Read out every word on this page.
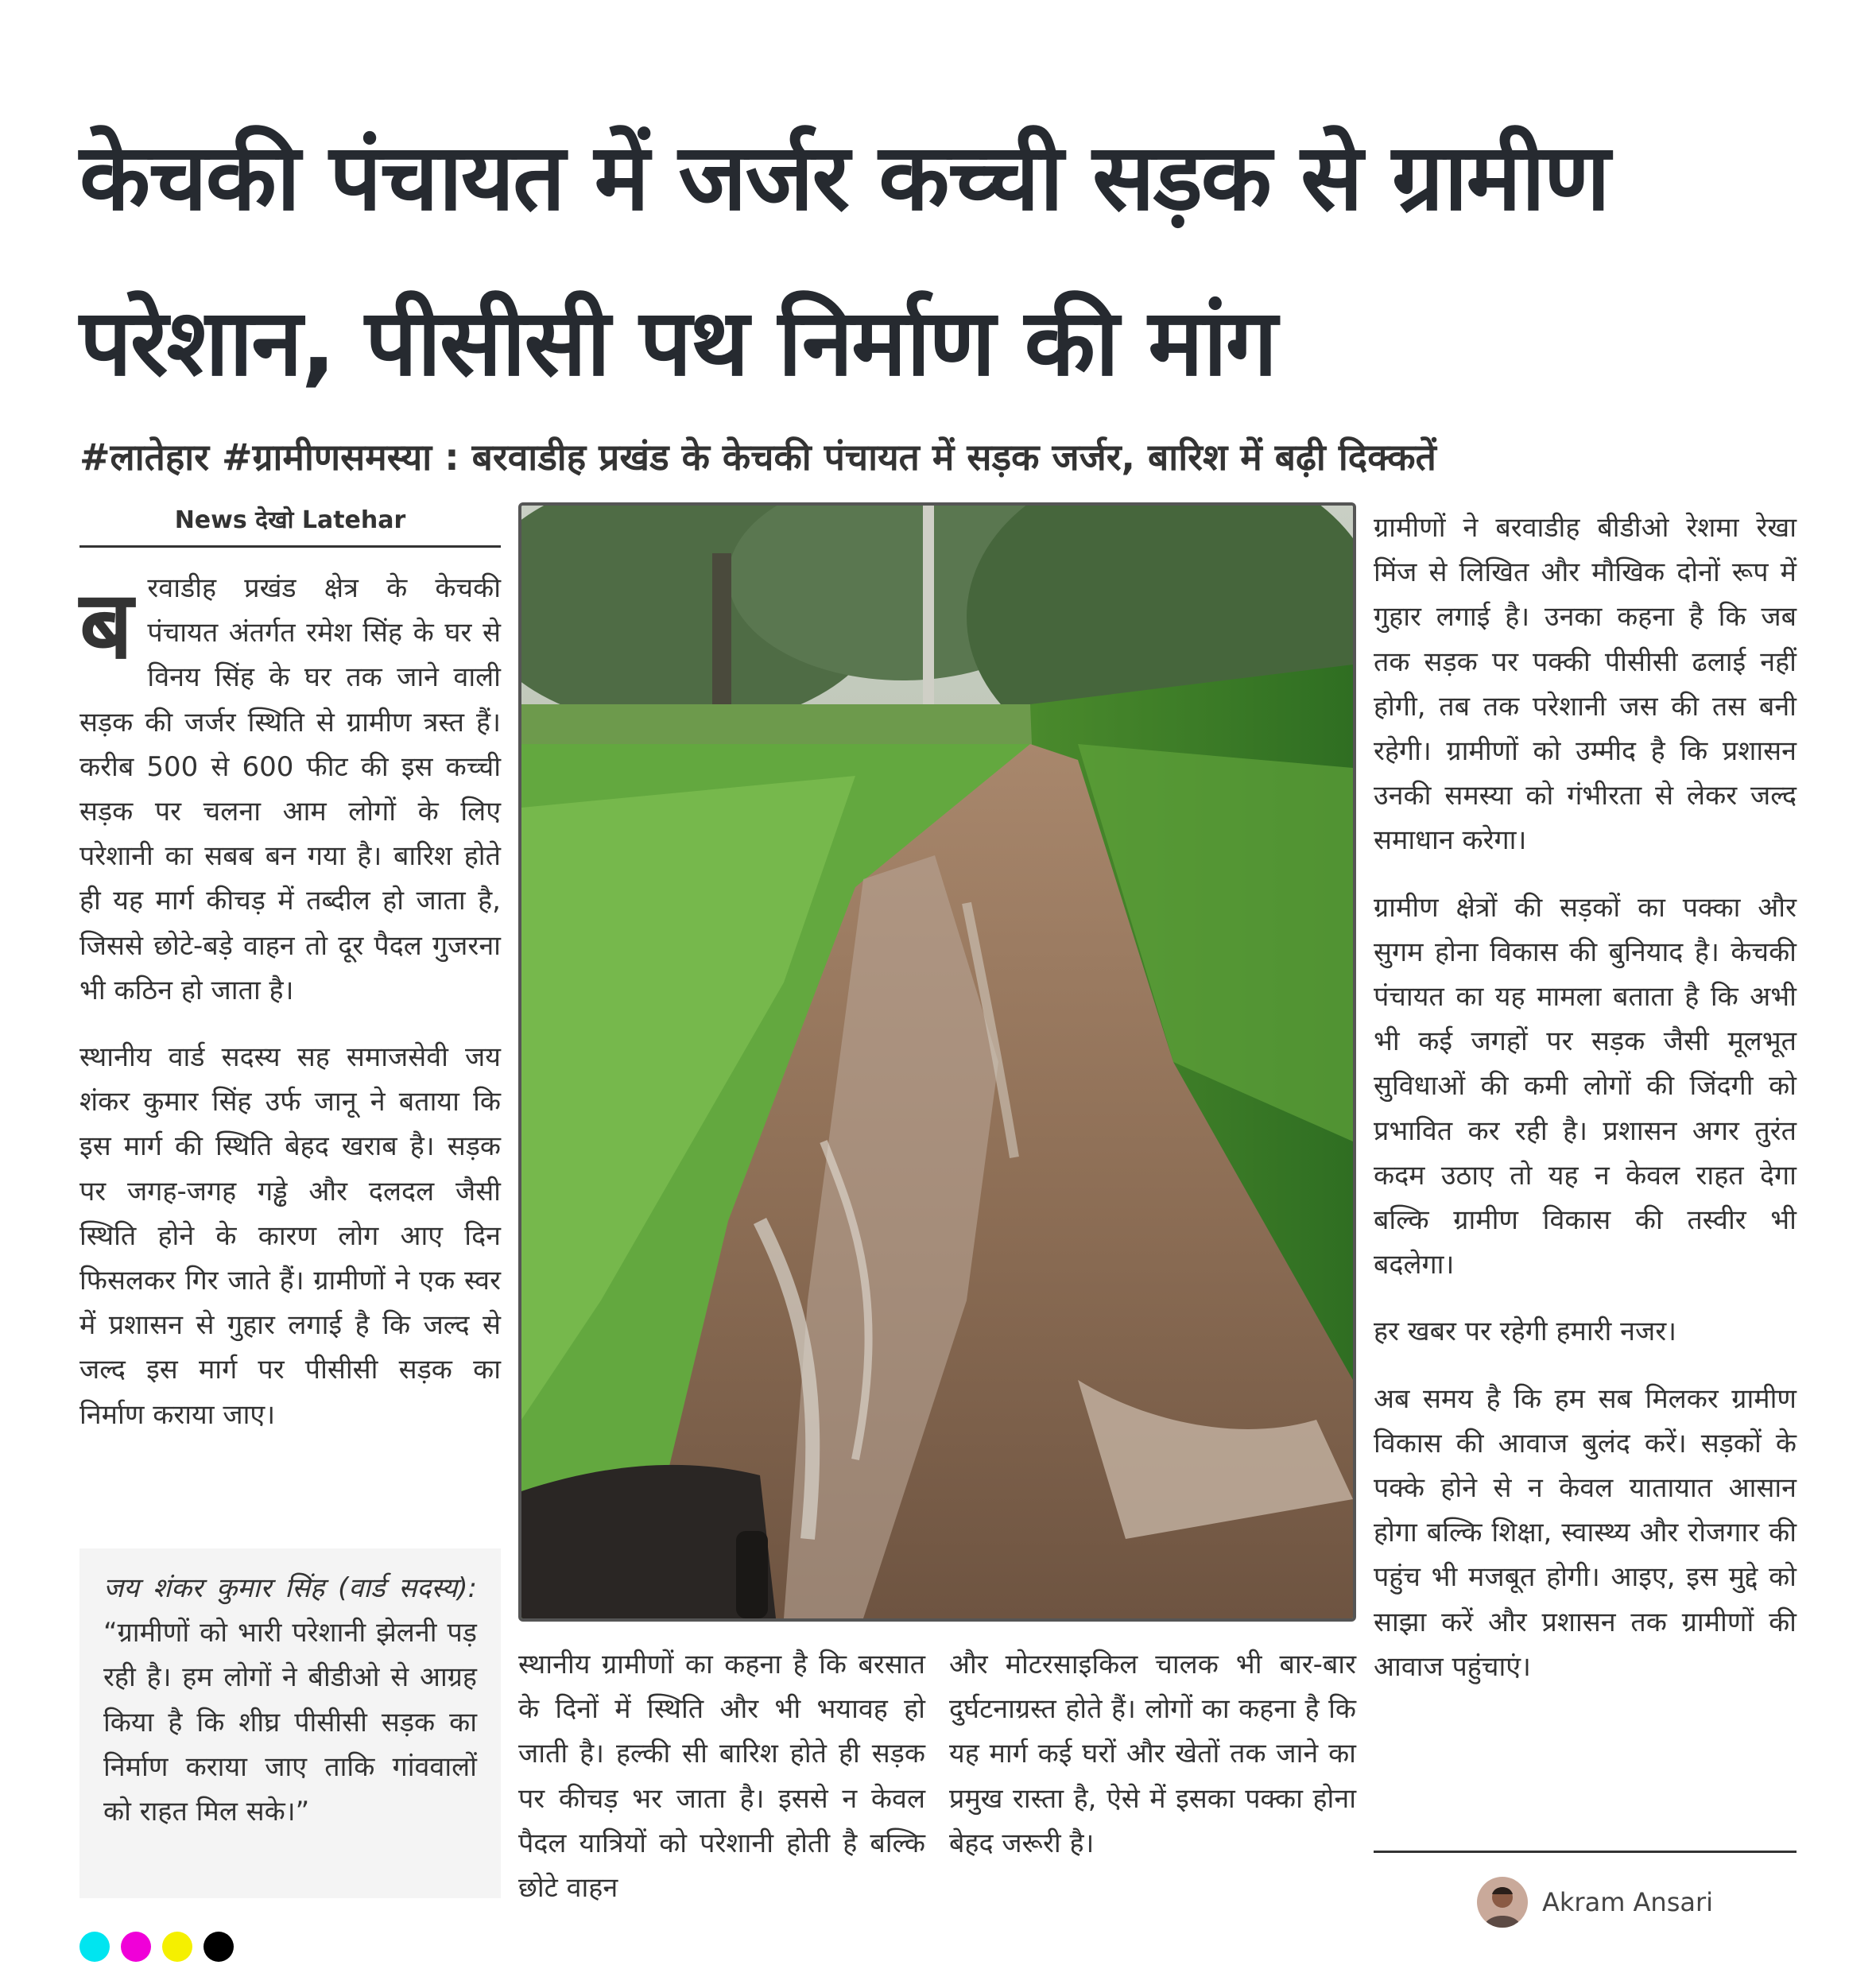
केचकी पंचायत में जर्जर कच्ची सड़क से ग्रामीण परेशान, पीसीसी पथ निर्माण की मांग
#लातेहार #ग्रामीणसमस्या : बरवाडीह प्रखंड के केचकी पंचायत में सड़क जर्जर, बारिश में बढ़ी दिक्कतें
News देखो Latehar

बरवाडीह प्रखंड क्षेत्र के केचकी पंचायत अंतर्गत रमेश सिंह के घर से विनय सिंह के घर तक जाने वाली सड़क की जर्जर स्थिति से ग्रामीण त्रस्त हैं। करीब 500 से 600 फीट की इस कच्ची सड़क पर चलना आम लोगों के लिए परेशानी का सबब बन गया है। बारिश होते ही यह मार्ग कीचड़ में तब्दील हो जाता है, जिससे छोटे-बड़े वाहन तो दूर पैदल गुजरना भी कठिन हो जाता है।

स्थानीय वार्ड सदस्य सह समाजसेवी जय शंकर कुमार सिंह उर्फ जानू ने बताया कि इस मार्ग की स्थिति बेहद खराब है। सड़क पर जगह-जगह गड्ढे और दलदल जैसी स्थिति होने के कारण लोग आए दिन फिसलकर गिर जाते हैं। ग्रामीणों ने एक स्वर में प्रशासन से गुहार लगाई है कि जल्द से जल्द इस मार्ग पर पीसीसी सड़क का निर्माण कराया जाए।

जय शंकर कुमार सिंह (वार्ड सदस्य): “ग्रामीणों को भारी परेशानी झेलनी पड़ रही है। हम लोगों ने बीडीओ से आग्रह किया है कि शीघ्र पीसीसी सड़क का निर्माण कराया जाए ताकि गांववालों को राहत मिल सके।”
स्थानीय ग्रामीणों का कहना है कि बरसात के दिनों में स्थिति और भी भयावह हो जाती है। हल्की सी बारिश होते ही सड़क पर कीचड़ भर जाता है। इससे न केवल पैदल यात्रियों को परेशानी होती है बल्कि छोटे वाहन
और मोटरसाइकिल चालक भी बार-बार दुर्घटनाग्रस्त होते हैं। लोगों का कहना है कि यह मार्ग कई घरों और खेतों तक जाने का प्रमुख रास्ता है, ऐसे में इसका पक्का होना बेहद जरूरी है।

ग्रामीणों ने बरवाडीह बीडीओ रेशमा रेखा मिंज से लिखित और मौखिक दोनों रूप में गुहार लगाई है। उनका कहना है कि जब तक सड़क पर पक्की पीसीसी ढलाई नहीं होगी, तब तक परेशानी जस की तस बनी रहेगी। ग्रामीणों को उम्मीद है कि प्रशासन उनकी समस्या को गंभीरता से लेकर जल्द समाधान करेगा।

ग्रामीण क्षेत्रों की सड़कों का पक्का और सुगम होना विकास की बुनियाद है। केचकी पंचायत का यह मामला बताता है कि अभी भी कई जगहों पर सड़क जैसी मूलभूत सुविधाओं की कमी लोगों की जिंदगी को प्रभावित कर रही है। प्रशासन अगर तुरंत कदम उठाए तो यह न केवल राहत देगा बल्कि ग्रामीण विकास की तस्वीर भी बदलेगा।

हर खबर पर रहेगी हमारी नजर।

अब समय है कि हम सब मिलकर ग्रामीण विकास की आवाज बुलंद करें। सड़कों के पक्के होने से न केवल यातायात आसान होगा बल्कि शिक्षा, स्वास्थ्य और रोजगार की पहुंच भी मजबूत होगी। आइए, इस मुद्दे को साझा करें और प्रशासन तक ग्रामीणों की आवाज पहुंचाएं।

Akram Ansari
